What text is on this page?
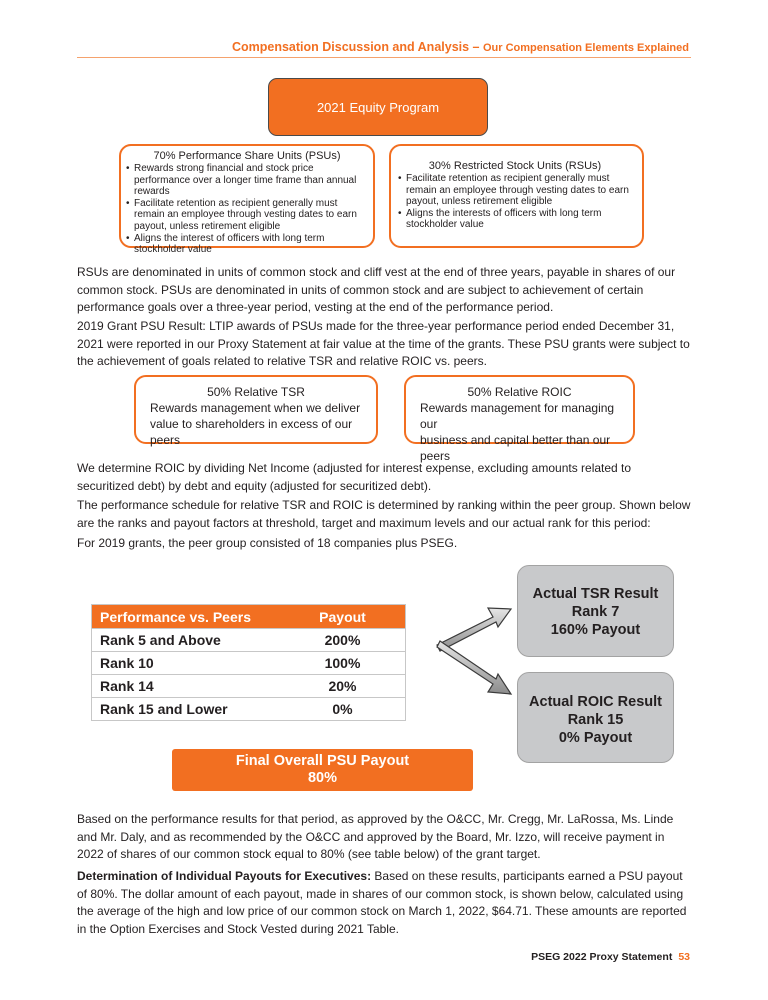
Compensation Discussion and Analysis – Our Compensation Elements Explained
2021 Equity Program
70% Performance Share Units (PSUs)
• Rewards strong financial and stock price performance over a longer time frame than annual rewards
• Facilitate retention as recipient generally must remain an employee through vesting dates to earn payout, unless retirement eligible
• Aligns the interest of officers with long term stockholder value
30% Restricted Stock Units (RSUs)
• Facilitate retention as recipient generally must remain an employee through vesting dates to earn payout, unless retirement eligible
• Aligns the interests of officers with long term stockholder value
RSUs are denominated in units of common stock and cliff vest at the end of three years, payable in shares of our common stock. PSUs are denominated in units of common stock and are subject to achievement of certain performance goals over a three-year period, vesting at the end of the performance period.
2019 Grant PSU Result: LTIP awards of PSUs made for the three-year performance period ended December 31, 2021 were reported in our Proxy Statement at fair value at the time of the grants. These PSU grants were subject to the achievement of goals related to relative TSR and relative ROIC vs. peers.
50% Relative TSR
Rewards management when we deliver
value to shareholders in excess of our peers
50% Relative ROIC
Rewards management for managing our
business and capital better than our peers
We determine ROIC by dividing Net Income (adjusted for interest expense, excluding amounts related to securitized debt) by debt and equity (adjusted for securitized debt).
The performance schedule for relative TSR and ROIC is determined by ranking within the peer group. Shown below are the ranks and payout factors at threshold, target and maximum levels and our actual rank for this period:
For 2019 grants, the peer group consisted of 18 companies plus PSEG.
Performance vs. Peers	Payout
Rank 5 and Above	200%
Rank 10	100%
Rank 14	20%
Rank 15 and Lower	0%
Actual TSR Result
Rank 7
160% Payout
Actual ROIC Result
Rank 15
0% Payout
Final Overall PSU Payout
80%
Based on the performance results for that period, as approved by the O&CC, Mr. Cregg, Mr. LaRossa, Ms. Linde and Mr. Daly, and as recommended by the O&CC and approved by the Board, Mr. Izzo, will receive payment in 2022 of shares of our common stock equal to 80% (see table below) of the grant target.
Determination of Individual Payouts for Executives: Based on these results, participants earned a PSU payout of 80%. The dollar amount of each payout, made in shares of our common stock, is shown below, calculated using the average of the high and low price of our common stock on March 1, 2022, $64.71. These amounts are reported in the Option Exercises and Stock Vested during 2021 Table.
PSEG 2022 Proxy Statement 53
